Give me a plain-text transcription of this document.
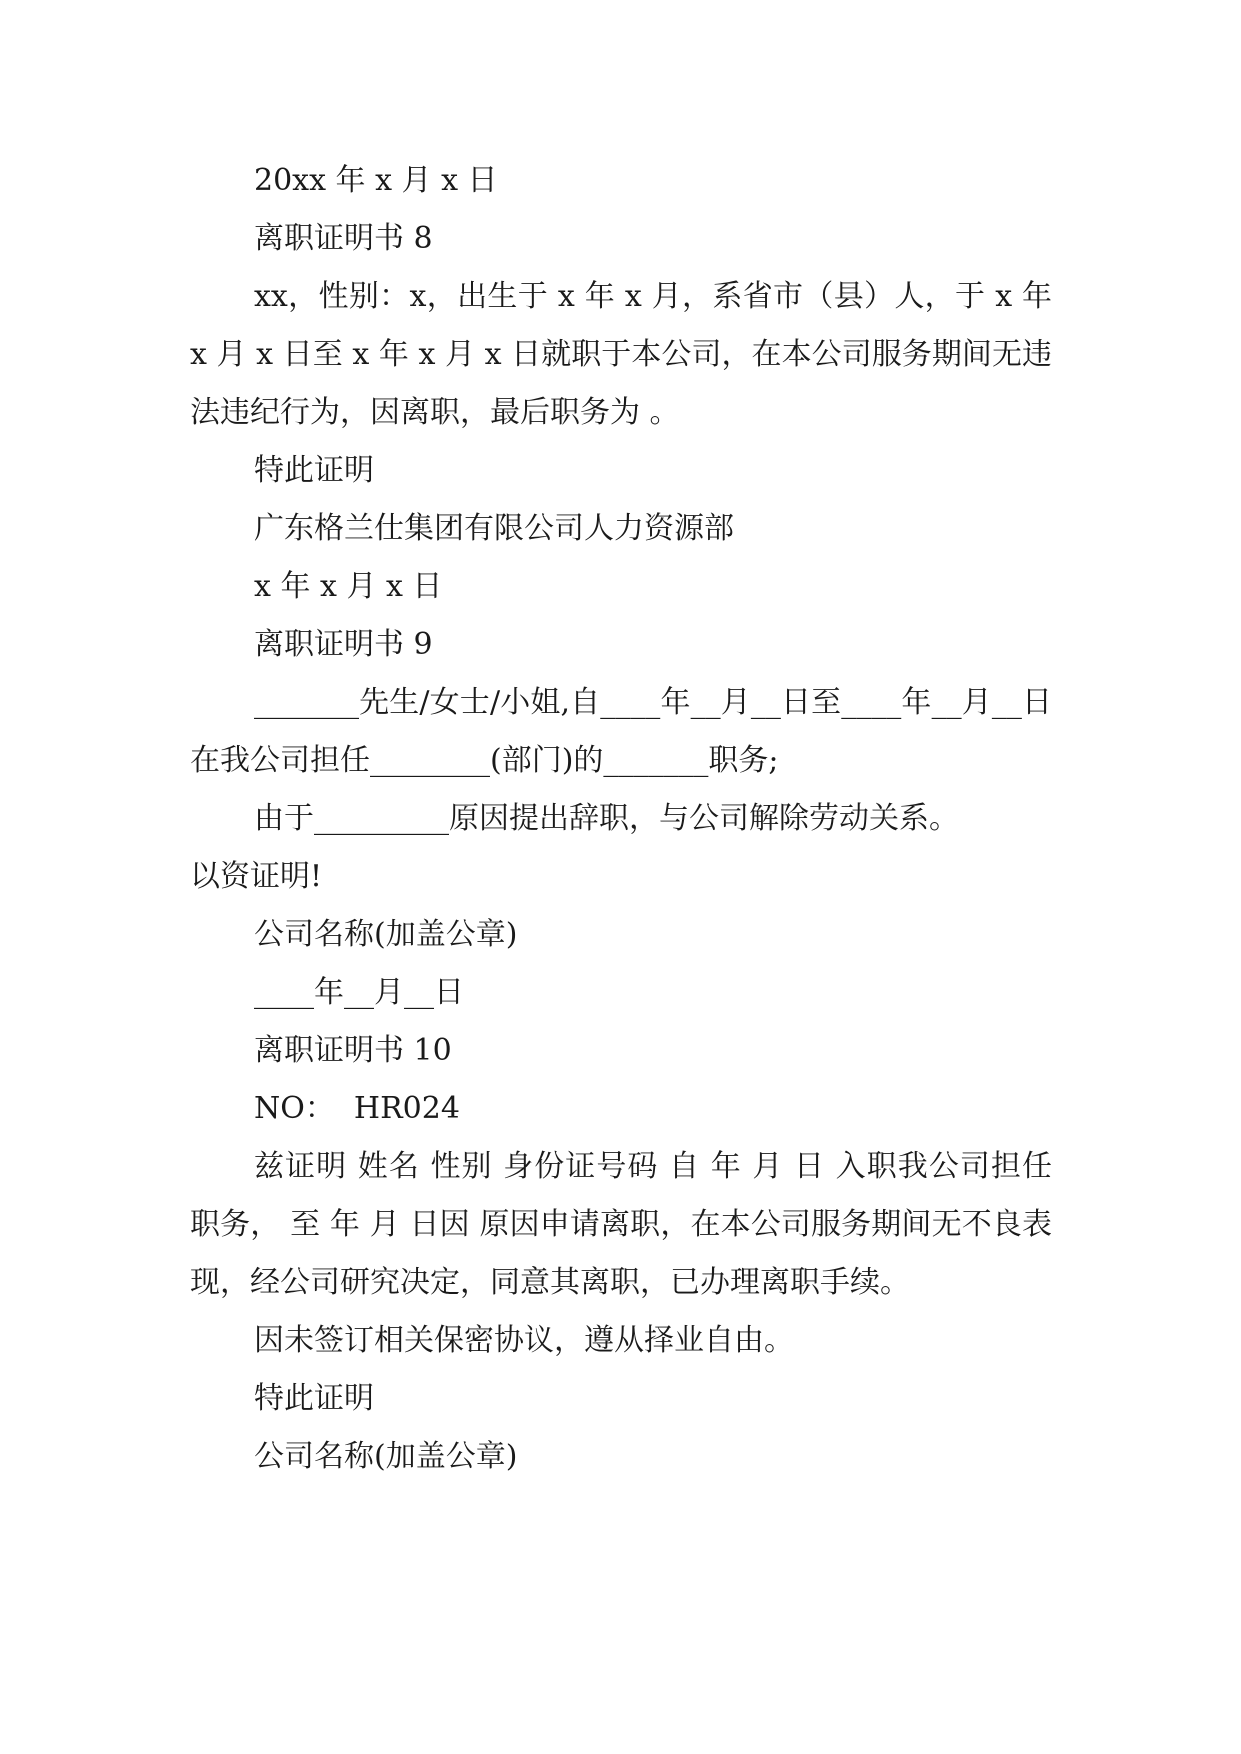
20xx 年 x 月 x 日

离职证明书 8

xx，性别：x，出生于 x 年 x 月，系省市（县）人，于 x 年 x 月 x 日至 x 年 x 月 x 日就职于本公司，在本公司服务期间无违法违纪行为，因离职，最后职务为 。

特此证明

广东格兰仕集团有限公司人力资源部

x 年 x 月 x 日

离职证明书 9

_______先生/女士/小姐,自____年__月__日至____年__月__日在我公司担任________(部门)的_______职务;

由于_________原因提出辞职，与公司解除劳动关系。

以资证明!

公司名称(加盖公章)

____年__月__日

离职证明书 10

NO：  HR024

兹证明 姓名 性别 身份证号码 自 年 月 日 入职我公司担任 职务， 至 年 月 日因 原因申请离职，在本公司服务期间无不良表现，经公司研究决定，同意其离职，已办理离职手续。

因未签订相关保密协议，遵从择业自由。

特此证明

公司名称(加盖公章)
